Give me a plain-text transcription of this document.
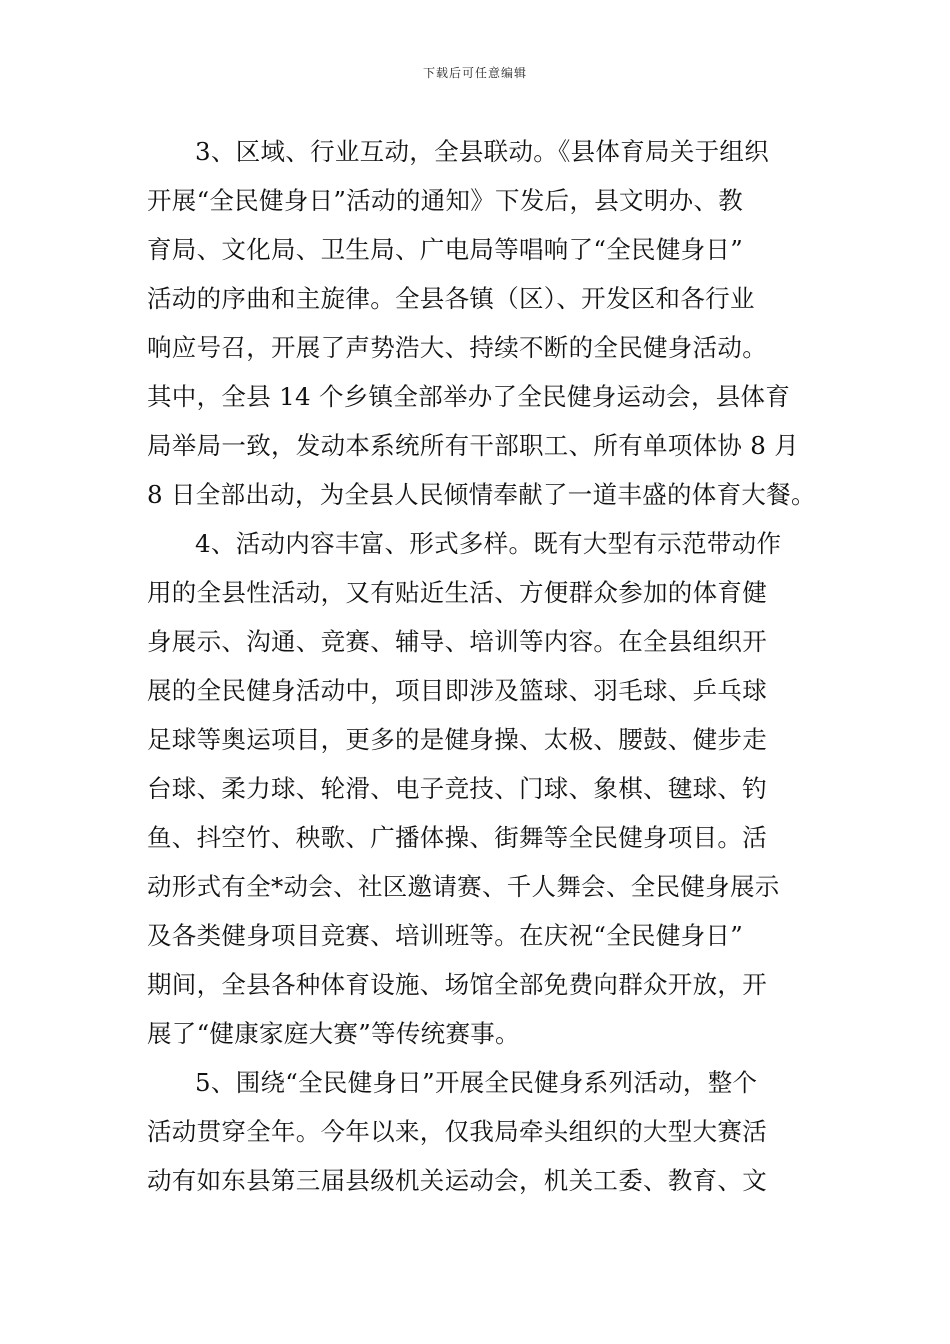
下载后可任意编辑
3、区域、行业互动，全县联动。《县体育局关于组织
开展“全民健身日”活动的通知》下发后，县文明办、教
育局、文化局、卫生局、广电局等唱响了“全民健身日”
活动的序曲和主旋律。全县各镇（区）、开发区和各行业
响应号召，开展了声势浩大、持续不断的全民健身活动。
其中，全县 14 个乡镇全部举办了全民健身运动会，县体育
局举局一致，发动本系统所有干部职工、所有单项体协 8 月
8 日全部出动，为全县人民倾情奉献了一道丰盛的体育大餐。
4、活动内容丰富、形式多样。既有大型有示范带动作
用的全县性活动，又有贴近生活、方便群众参加的体育健
身展示、沟通、竞赛、辅导、培训等内容。在全县组织开
展的全民健身活动中，项目即涉及篮球、羽毛球、乒乓球
足球等奥运项目，更多的是健身操、太极、腰鼓、健步走
台球、柔力球、轮滑、电子竞技、门球、象棋、毽球、钓
鱼、抖空竹、秧歌、广播体操、街舞等全民健身项目。活
动形式有全*动会、社区邀请赛、千人舞会、全民健身展示
及各类健身项目竞赛、培训班等。在庆祝“全民健身日”
期间，全县各种体育设施、场馆全部免费向群众开放，开
展了“健康家庭大赛”等传统赛事。
5、围绕“全民健身日”开展全民健身系列活动，整个
活动贯穿全年。今年以来，仅我局牵头组织的大型大赛活
动有如东县第三届县级机关运动会，机关工委、教育、文
